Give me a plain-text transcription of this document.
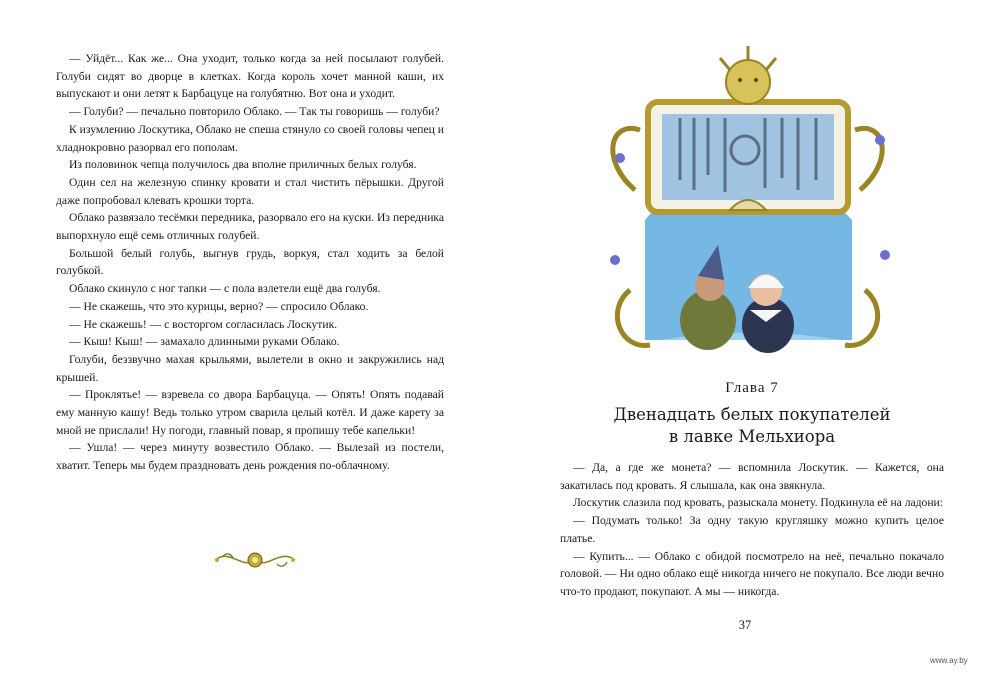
— Уйдёт... Как же... Она уходит, только когда за ней посылают голубей. Голуби сидят во дворце в клетках. Когда король хочет манной каши, их выпускают и они летят к Барбацуце на голубятню. Вот она и уходит.

— Голуби? — печально повторило Облако. — Так ты говоришь — голуби?

К изумлению Лоскутика, Облако не спеша стянуло со своей головы чепец и хладнокровно разорвал его пополам.

Из половинок чепца получилось два вполне приличных белых голубя.

Один сел на железную спинку кровати и стал чистить пёрышки. Другой даже попробовал клевать крошки торта.

Облако развязало тесёмки передника, разорвало его на куски. Из передника выпорхнуло ещё семь отличных голубей.

Большой белый голубь, выгнув грудь, воркуя, стал ходить за белой голубкой.

Облако скинуло с ног тапки — с пола взлетели ещё два голубя.

— Не скажешь, что это курицы, верно? — спросило Облако.

— Не скажешь! — с восторгом согласилась Лоскутик.

— Кыш! Кыш! — замахало длинными руками Облако.

Голуби, беззвучно махая крыльями, вылетели в окно и закружились над крышей.

— Проклятье! — взревела со двора Барбацуца. — Опять! Опять подавай ему манную кашу! Ведь только утром сварила целый котёл. И даже карету за мной не прислали! Ну погоди, главный повар, я пропишу тебе капельки!

— Ушла! — через минуту возвестило Облако. — Вылезай из постели, хватит. Теперь мы будем праздновать день рождения по-облачному.

Глава 7
Двенадцать белых покупателей
в лавке Мельхиора

— Да, а где же монета? — вспомнила Лоскутик. — Кажется, она закатилась под кровать. Я слышала, как она звякнула.

Лоскутик слазила под кровать, разыскала монету. Подкинула её на ладони:

— Подумать только! За одну такую кругляшку можно купить целое платье.

— Купить... — Облако с обидой посмотрело на неё, печально покачало головой. — Ни одно облако ещё никогда ничего не покупало. Все люди вечно что-то продают, покупают. А мы — никогда.

37
www.ay.by
